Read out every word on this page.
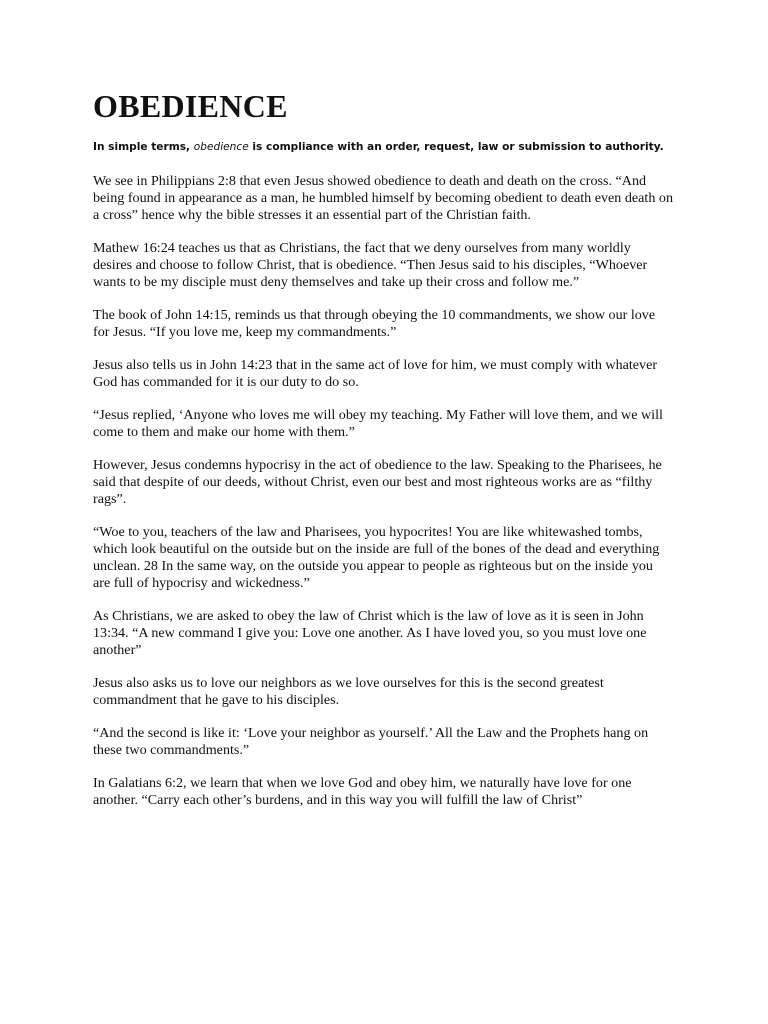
OBEDIENCE

In simple terms, obedience is compliance with an order, request, law or submission to authority.

We see in Philippians 2:8 that even Jesus showed obedience to death and death on the cross. “And being found in appearance as a man, he humbled himself by becoming obedient to death even death on a cross” hence why the bible stresses it an essential part of the Christian faith.

Mathew 16:24 teaches us that as Christians, the fact that we deny ourselves from many worldly desires and choose to follow Christ, that is obedience. “Then Jesus said to his disciples, “Whoever wants to be my disciple must deny themselves and take up their cross and follow me.”

The book of John 14:15, reminds us that through obeying the 10 commandments, we show our love for Jesus. “If you love me, keep my commandments.”

Jesus also tells us in John 14:23 that in the same act of love for him, we must comply with whatever God has commanded for it is our duty to do so.

“Jesus replied, ‘Anyone who loves me will obey my teaching. My Father will love them, and we will come to them and make our home with them.”

However, Jesus condemns hypocrisy in the act of obedience to the law. Speaking to the Pharisees, he said that despite of our deeds, without Christ, even our best and most righteous works are as “filthy rags”.

“Woe to you, teachers of the law and Pharisees, you hypocrites! You are like whitewashed tombs, which look beautiful on the outside but on the inside are full of the bones of the dead and everything unclean. 28 In the same way, on the outside you appear to people as righteous but on the inside you are full of hypocrisy and wickedness.”

As Christians, we are asked to obey the law of Christ which is the law of love as it is seen in John 13:34. “A new command I give you: Love one another. As I have loved you, so you must love one another”

Jesus also asks us to love our neighbors as we love ourselves for this is the second greatest commandment that he gave to his disciples.

“And the second is like it: ‘Love your neighbor as yourself.’ All the Law and the Prophets hang on these two commandments.”

In Galatians 6:2, we learn that when we love God and obey him, we naturally have love for one another. “Carry each other’s burdens, and in this way you will fulfill the law of Christ”
